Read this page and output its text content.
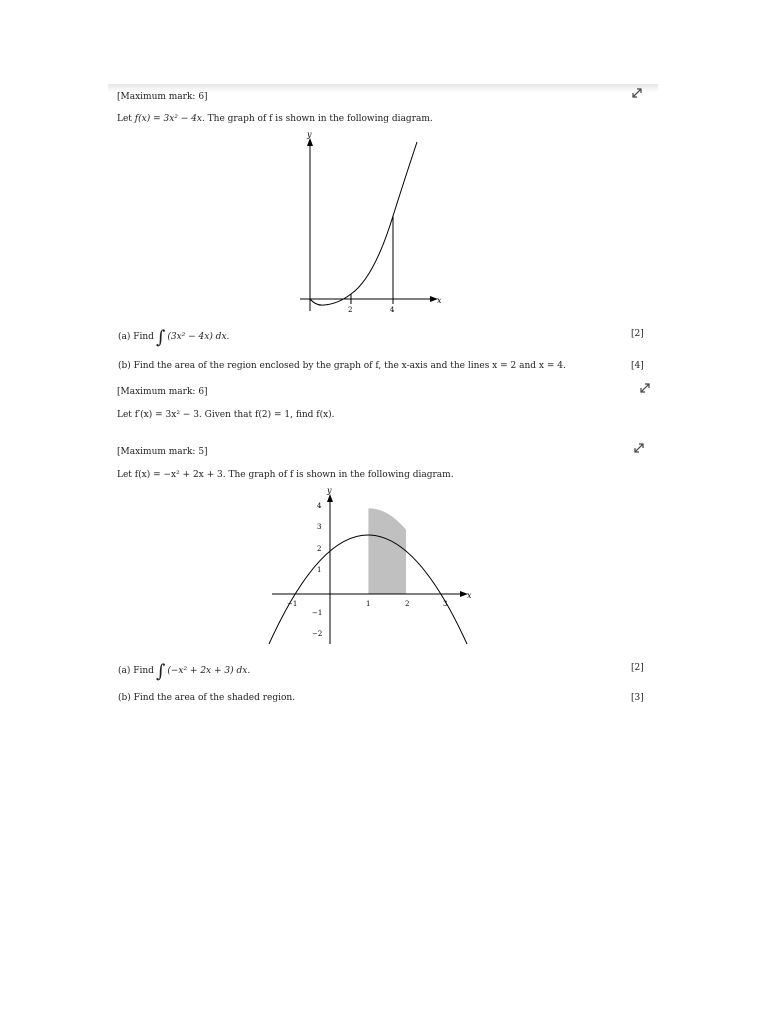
[Maximum mark: 6]
Let f(x) = 3x² − 4x. The graph of f is shown in the following diagram.
y
x
2	4
(a) Find ∫ (3x² − 4x) dx.	[2]
(b) Find the area of the region enclosed by the graph of f, the x-axis and the lines x = 2 and x = 4.	[4]
[Maximum mark: 6]
Let f′(x) = 3x² − 3. Given that f(2) = 1, find f(x).
[Maximum mark: 5]
Let f(x) = −x² + 2x + 3. The graph of f is shown in the following diagram.
x
y
4
3
2
1
−1
−2
−1	1	2	3
(a) Find ∫ (−x² + 2x + 3) dx.	[2]
(b) Find the area of the shaded region.	[3]
